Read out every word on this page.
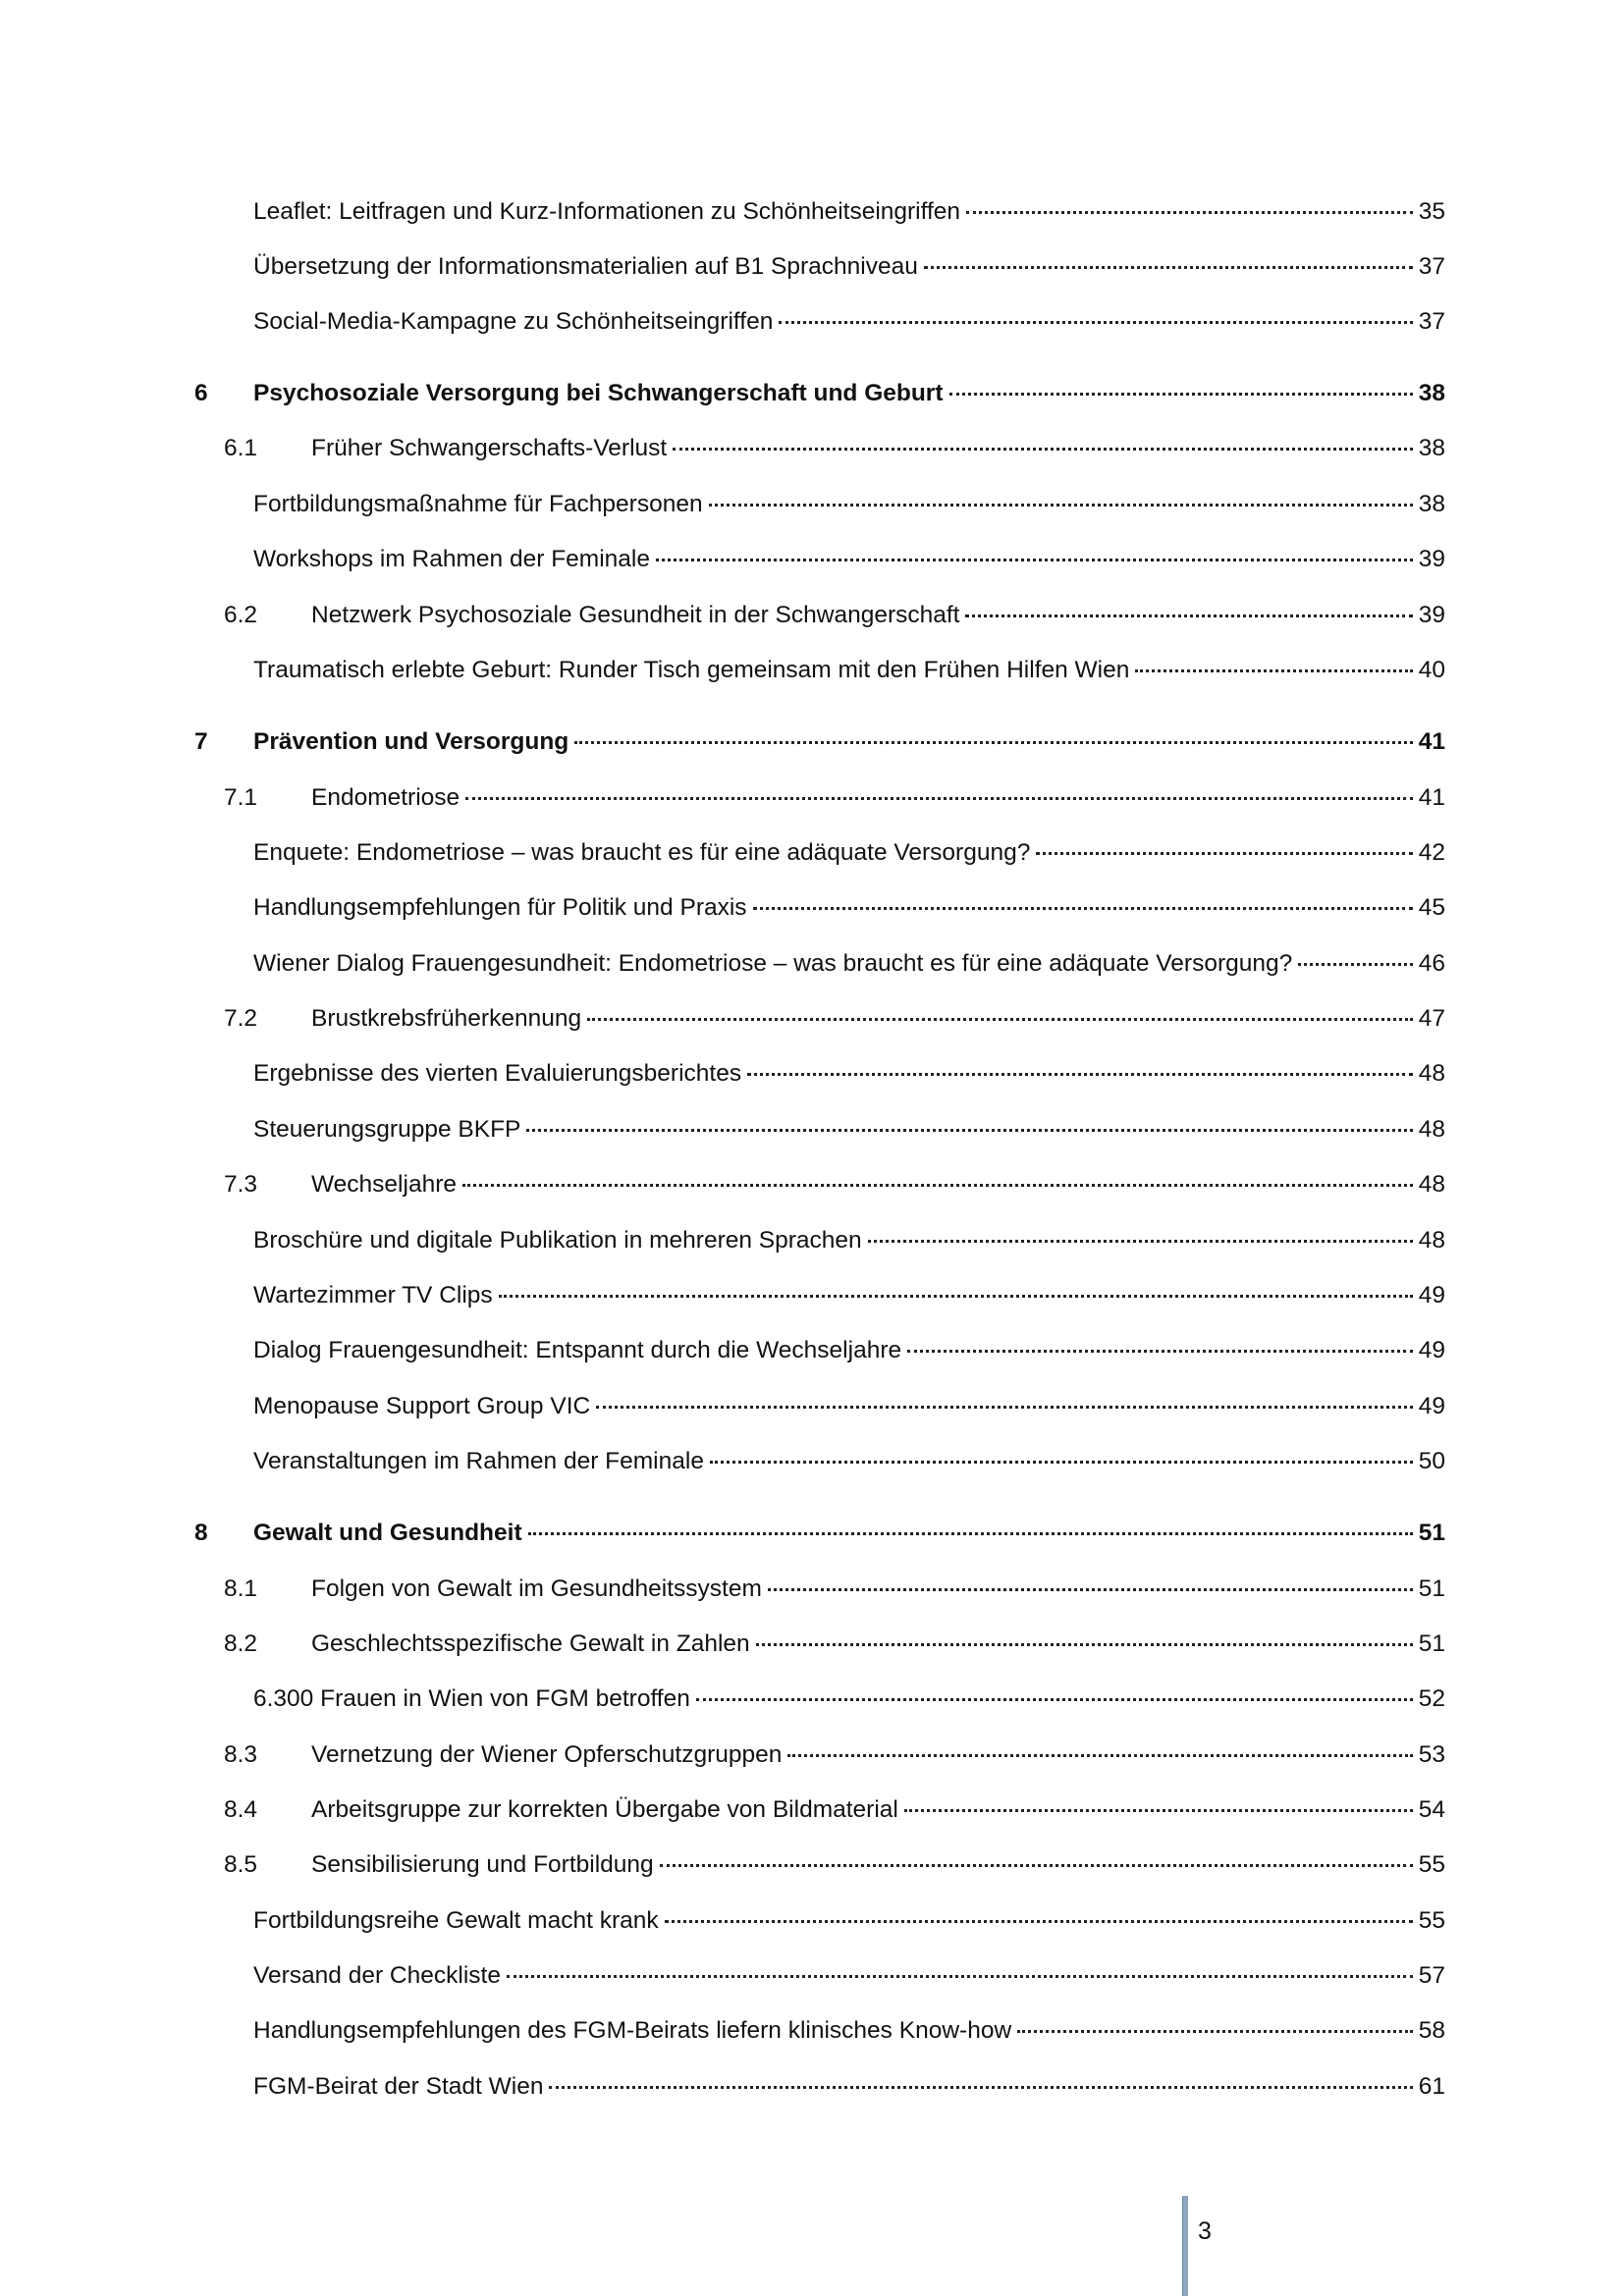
Leaflet: Leitfragen und Kurz-Informationen zu Schönheitseingriffen	35
Übersetzung der Informationsmaterialien auf B1 Sprachniveau	37
Social-Media-Kampagne zu Schönheitseingriffen	37
6	Psychosoziale Versorgung bei Schwangerschaft und Geburt	38
6.1	Früher Schwangerschafts-Verlust	38
Fortbildungsmaßnahme für Fachpersonen	38
Workshops im Rahmen der Feminale	39
6.2	Netzwerk Psychosoziale Gesundheit in der Schwangerschaft	39
Traumatisch erlebte Geburt: Runder Tisch gemeinsam mit den Frühen Hilfen Wien	40
7	Prävention und Versorgung	41
7.1	Endometriose	41
Enquete: Endometriose – was braucht es für eine adäquate Versorgung?	42
Handlungsempfehlungen für Politik und Praxis	45
Wiener Dialog Frauengesundheit: Endometriose – was braucht es für eine adäquate Versorgung?	46
7.2	Brustkrebsfrüherkennung	47
Ergebnisse des vierten Evaluierungsberichtes	48
Steuerungsgruppe BKFP	48
7.3	Wechseljahre	48
Broschüre und digitale Publikation in mehreren Sprachen	48
Wartezimmer TV Clips	49
Dialog Frauengesundheit: Entspannt durch die Wechseljahre	49
Menopause Support Group VIC	49
Veranstaltungen im Rahmen der Feminale	50
8	Gewalt und Gesundheit	51
8.1	Folgen von Gewalt im Gesundheitssystem	51
8.2	Geschlechtsspezifische Gewalt in Zahlen	51
6.300 Frauen in Wien von FGM betroffen	52
8.3	Vernetzung der Wiener Opferschutzgruppen	53
8.4	Arbeitsgruppe zur korrekten Übergabe von Bildmaterial	54
8.5	Sensibilisierung und Fortbildung	55
Fortbildungsreihe Gewalt macht krank	55
Versand der Checkliste	57
Handlungsempfehlungen des FGM-Beirats liefern klinisches Know-how	58
FGM-Beirat der Stadt Wien	61
3
